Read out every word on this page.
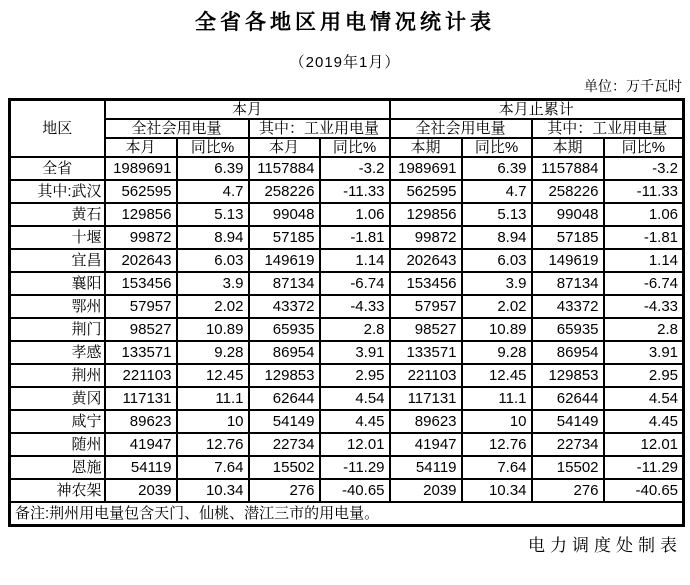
全省各地区用电情况统计表
（2019年1月）
单位：万千瓦时
地区	本月				本月止累计			
	全社会用电量		其中：工业用电量		全社会用电量		其中：工业用电量	
	本月	同比%	本月	同比%	本期	同比%	本期	同比%
全省	1989691	6.39	1157884	-3.2	1989691	6.39	1157884	-3.2
其中:武汉	562595	4.7	258226	-11.33	562595	4.7	258226	-11.33
黄石	129856	5.13	99048	1.06	129856	5.13	99048	1.06
十堰	99872	8.94	57185	-1.81	99872	8.94	57185	-1.81
宜昌	202643	6.03	149619	1.14	202643	6.03	149619	1.14
襄阳	153456	3.9	87134	-6.74	153456	3.9	87134	-6.74
鄂州	57957	2.02	43372	-4.33	57957	2.02	43372	-4.33
荆门	98527	10.89	65935	2.8	98527	10.89	65935	2.8
孝感	133571	9.28	86954	3.91	133571	9.28	86954	3.91
荆州	221103	12.45	129853	2.95	221103	12.45	129853	2.95
黄冈	117131	11.1	62644	4.54	117131	11.1	62644	4.54
咸宁	89623	10	54149	4.45	89623	10	54149	4.45
随州	41947	12.76	22734	12.01	41947	12.76	22734	12.01
恩施	54119	7.64	15502	-11.29	54119	7.64	15502	-11.29
神农架	2039	10.34	276	-40.65	2039	10.34	276	-40.65
备注:荆州用电量包含天门、仙桃、潜江三市的用电量。								
电力调度处制表
